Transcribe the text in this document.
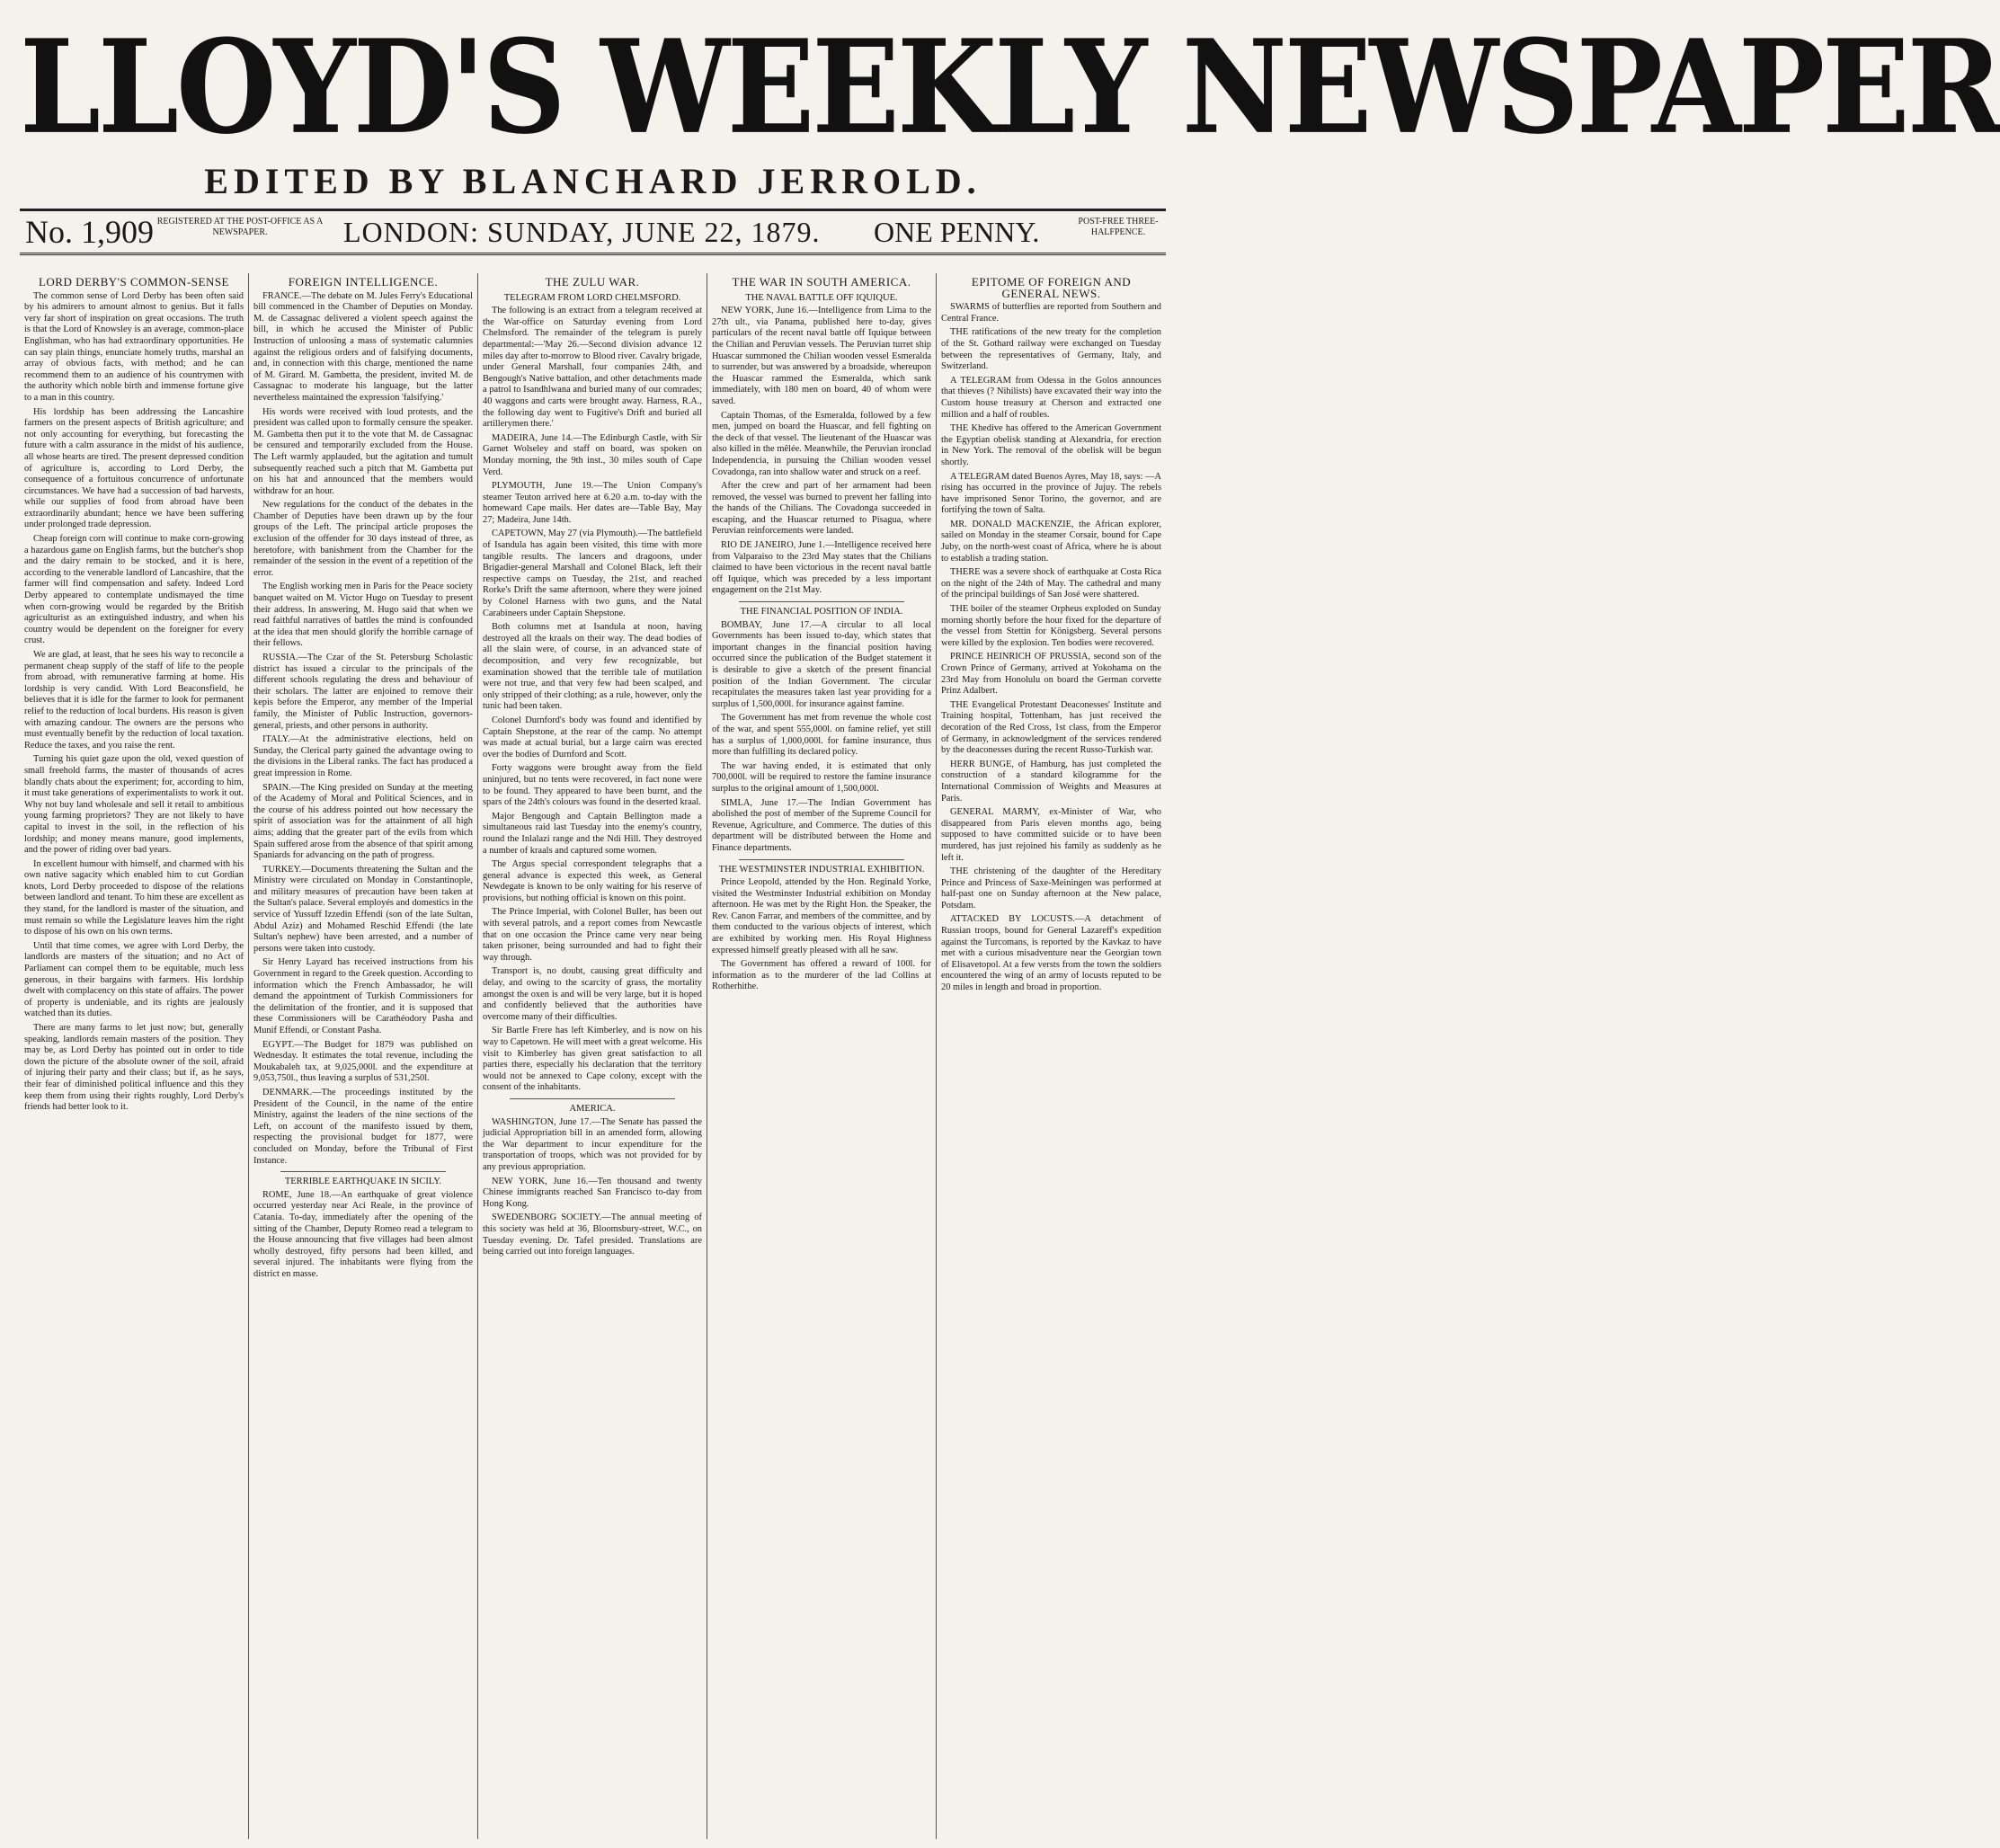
LLOYD'S WEEKLY NEWSPAPER
EDITED BY BLANCHARD JERROLD.
No. 1,909 REGISTERED AT THE POST-OFFICE AS A NEWSPAPER.	LONDON: SUNDAY, JUNE 22, 1879. ONE PENNY.	POST-FREE THREE-HALFPENCE.
LORD DERBY'S COMMON-SENSE

The common sense of Lord Derby has been often said by his admirers to amount almost to genius. But it falls very far short of inspiration on great occasions. The truth is that the Lord of Knowsley is an average, common-place Englishman, who has had extraordinary opportunities. He can say plain things, enunciate homely truths, marshal an array of obvious facts, with method; and he can recommend them to an audience of his countrymen with the authority which noble birth and immense fortune give to a man in this country.

His lordship has been addressing the Lancashire farmers on the present aspects of British agriculture; and not only accounting for everything, but forecasting the future with a calm assurance in the midst of his audience, all whose hearts are tired. The present depressed condition of agriculture is, according to Lord Derby, the consequence of a fortuitous concurrence of unfortunate circumstances. We have had a succession of bad harvests, while our supplies of food from abroad have been extraordinarily abundant; hence we have been suffering under prolonged trade depression.

Cheap foreign corn will continue to make corn-growing a hazardous game on English farms, but the butcher's shop and the dairy remain to be stocked, and it is here, according to the venerable landlord of Lancashire, that the farmer will find compensation and safety. Indeed Lord Derby appeared to contemplate undismayed the time when corn-growing would be regarded by the British agriculturist as an extinguished industry, and when his country would be dependent on the foreigner for every crust.

We are glad, at least, that he sees his way to reconcile a permanent cheap supply of the staff of life to the people from abroad, with remunerative farming at home. His lordship is very candid. With Lord Beaconsfield, he believes that it is idle for the farmer to look for permanent relief to the reduction of local burdens. His reason is given with amazing candour. The owners are the persons who must eventually benefit by the reduction of local taxation. Reduce the taxes, and you raise the rent.

Turning his quiet gaze upon the old, vexed question of small freehold farms, the master of thousands of acres blandly chats about the experiment; for, according to him, it must take generations of experimentalists to work it out. Why not buy land wholesale and sell it retail to ambitious young farming proprietors? They are not likely to have capital to invest in the soil, in the reflection of his lordship; and money means manure, good implements, and the power of riding over bad years.

In excellent humour with himself, and charmed with his own native sagacity which enabled him to cut Gordian knots, Lord Derby proceeded to dispose of the relations between landlord and tenant. To him these are excellent as they stand, for the landlord is master of the situation, and must remain so while the Legislature leaves him the right to dispose of his own on his own terms.

Until that time comes, we agree with Lord Derby, the landlords are masters of the situation; and no Act of Parliament can compel them to be equitable, much less generous, in their bargains with farmers. His lordship dwelt with complacency on this state of affairs. The power of property is undeniable, and its rights are jealously watched than its duties.

There are many farms to let just now; but, generally speaking, landlords remain masters of the position. They may be, as Lord Derby has pointed out in order to tide down the picture of the absolute owner of the soil, afraid of injuring their party and their class; but if, as he says, their fear of diminished political influence and this they keep them from using their rights roughly, Lord Derby's friends had better look to it.

FOREIGN INTELLIGENCE.

FRANCE.—The debate on M. Jules Ferry's Educational bill commenced in the Chamber of Deputies on Monday. M. de Cassagnac delivered a violent speech against the bill, in which he accused the Minister of Public Instruction of unloosing a mass of systematic calumnies against the religious orders and of falsifying documents, and, in connection with this charge, mentioned the name of M. Girard. M. Gambetta, the president, invited M. de Cassagnac to moderate his language, but the latter nevertheless maintained the expression 'falsifying.'

His words were received with loud protests, and the president was called upon to formally censure the speaker. M. Gambetta then put it to the vote that M. de Cassagnac be censured and temporarily excluded from the House. The Left warmly applauded, but the agitation and tumult subsequently reached such a pitch that M. Gambetta put on his hat and announced that the members would withdraw for an hour.

New regulations for the conduct of the debates in the Chamber of Deputies have been drawn up by the four groups of the Left. The principal article proposes the exclusion of the offender for 30 days instead of three, as heretofore, with banishment from the Chamber for the remainder of the session in the event of a repetition of the error.

The English working men in Paris for the Peace society banquet waited on M. Victor Hugo on Tuesday to present their address. In answering, M. Hugo said that when we read faithful narratives of battles the mind is confounded at the idea that men should glorify the horrible carnage of their fellows.

RUSSIA.—The Czar of the St. Petersburg Scholastic district has issued a circular to the principals of the different schools regulating the dress and behaviour of their scholars. The latter are enjoined to remove their kepis before the Emperor, any member of the Imperial family, the Minister of Public Instruction, governors-general, priests, and other persons in authority.

ITALY.—At the administrative elections, held on Sunday, the Clerical party gained the advantage owing to the divisions in the Liberal ranks. The fact has produced a great impression in Rome.

SPAIN.—The King presided on Sunday at the meeting of the Academy of Moral and Political Sciences, and in the course of his address pointed out how necessary the spirit of association was for the attainment of all high aims; adding that the greater part of the evils from which Spain suffered arose from the absence of that spirit among Spaniards for advancing on the path of progress.

TURKEY.—Documents threatening the Sultan and the Ministry were circulated on Monday in Constantinople, and military measures of precaution have been taken at the Sultan's palace. Several employés and domestics in the service of Yussuff Izzedin Effendi (son of the late Sultan, Abdul Aziz) and Mohamed Reschid Effendi (the late Sultan's nephew) have been arrested, and a number of persons were taken into custody.

Sir Henry Layard has received instructions from his Government in regard to the Greek question. According to information which the French Ambassador, he will demand the appointment of Turkish Commissioners for the delimitation of the frontier, and it is supposed that these Commissioners will be Carathéodory Pasha and Munif Effendi, or Constant Pasha.

EGYPT.—The Budget for 1879 was published on Wednesday. It estimates the total revenue, including the Moukabaleh tax, at 9,025,000l. and the expenditure at 9,053,750l., thus leaving a surplus of 531,250l.

DENMARK.—The proceedings instituted by the President of the Council, in the name of the entire Ministry, against the leaders of the nine sections of the Left, on account of the manifesto issued by them, respecting the provisional budget for 1877, were concluded on Monday, before the Tribunal of First Instance.

TERRIBLE EARTHQUAKE IN SICILY.

ROME, June 18.—An earthquake of great violence occurred yesterday near Aci Reale, in the province of Catania. To-day, immediately after the opening of the sitting of the Chamber, Deputy Romeo read a telegram to the House announcing that five villages had been almost wholly destroyed, fifty persons had been killed, and several injured. The inhabitants were flying from the district en masse.

THE ZULU WAR.
TELEGRAM FROM LORD CHELMSFORD.

The following is an extract from a telegram received at the War-office on Saturday evening from Lord Chelmsford. The remainder of the telegram is purely departmental:—'May 26.—Second division advance 12 miles day after to-morrow to Blood river. Cavalry brigade, under General Marshall, four companies 24th, and Bengough's Native battalion, and other detachments made a patrol to Isandhlwana and buried many of our comrades; 40 waggons and carts were brought away. Harness, R.A., the following day went to Fugitive's Drift and buried all artillerymen there.'

MADEIRA, June 14.—The Edinburgh Castle, with Sir Garnet Wolseley and staff on board, was spoken on Monday morning, the 9th inst., 30 miles south of Cape Verd.

PLYMOUTH, June 19.—The Union Company's steamer Teuton arrived here at 6.20 a.m. to-day with the homeward Cape mails. Her dates are—Table Bay, May 27; Madeira, June 14th.

CAPETOWN, May 27 (via Plymouth).—The battlefield of Isandula has again been visited, this time with more tangible results. The lancers and dragoons, under Brigadier-general Marshall and Colonel Black, left their respective camps on Tuesday, the 21st, and reached Rorke's Drift the same afternoon, where they were joined by Colonel Harness with two guns, and the Natal Carabineers under Captain Shepstone.

Both columns met at Isandula at noon, having destroyed all the kraals on their way. The dead bodies of all the slain were, of course, in an advanced state of decomposition, and very few recognizable, but examination showed that the terrible tale of mutilation were not true, and that very few had been scalped, and only stripped of their clothing; as a rule, however, only the tunic had been taken.

Colonel Durnford's body was found and identified by Captain Shepstone, at the rear of the camp. No attempt was made at actual burial, but a large cairn was erected over the bodies of Durnford and Scott.

Forty waggons were brought away from the field uninjured, but no tents were recovered, in fact none were to be found. They appeared to have been burnt, and the spars of the 24th's colours was found in the deserted kraal.

Major Bengough and Captain Bellington made a simultaneous raid last Tuesday into the enemy's country, round the Inlalazi range and the Ndi Hill. They destroyed a number of kraals and captured some women.

The Argus special correspondent telegraphs that a general advance is expected this week, as General Newdegate is known to be only waiting for his reserve of provisions, but nothing official is known on this point.

The Prince Imperial, with Colonel Buller, has been out with several patrols, and a report comes from Newcastle that on one occasion the Prince came very near being taken prisoner, being surrounded and had to fight their way through.

Transport is, no doubt, causing great difficulty and delay, and owing to the scarcity of grass, the mortality amongst the oxen is and will be very large, but it is hoped and confidently believed that the authorities have overcome many of their difficulties.

Sir Bartle Frere has left Kimberley, and is now on his way to Capetown. He will meet with a great welcome. His visit to Kimberley has given great satisfaction to all parties there, especially his declaration that the territory would not be annexed to Cape colony, except with the consent of the inhabitants.

AMERICA.

WASHINGTON, June 17.—The Senate has passed the judicial Appropriation bill in an amended form, allowing the War department to incur expenditure for the transportation of troops, which was not provided for by any previous appropriation.

NEW YORK, June 16.—Ten thousand and twenty Chinese immigrants reached San Francisco to-day from Hong Kong.

SWEDENBORG SOCIETY.—The annual meeting of this society was held at 36, Bloomsbury-street, W.C., on Tuesday evening. Dr. Tafel presided. Translations are being carried out into foreign languages.

THE WAR IN SOUTH AMERICA.
THE NAVAL BATTLE OFF IQUIQUE.

NEW YORK, June 16.—Intelligence from Lima to the 27th ult., via Panama, published here to-day, gives particulars of the recent naval battle off Iquique between the Chilian and Peruvian vessels. The Peruvian turret ship Huascar summoned the Chilian wooden vessel Esmeralda to surrender, but was answered by a broadside, whereupon the Huascar rammed the Esmeralda, which sank immediately, with 180 men on board, 40 of whom were saved.

Captain Thomas, of the Esmeralda, followed by a few men, jumped on board the Huascar, and fell fighting on the deck of that vessel. The lieutenant of the Huascar was also killed in the mêlée. Meanwhile, the Peruvian ironclad Independencia, in pursuing the Chilian wooden vessel Covadonga, ran into shallow water and struck on a reef.

After the crew and part of her armament had been removed, the vessel was burned to prevent her falling into the hands of the Chilians. The Covadonga succeeded in escaping, and the Huascar returned to Pisagua, where Peruvian reinforcements were landed.

RIO DE JANEIRO, June 1.—Intelligence received here from Valparaiso to the 23rd May states that the Chilians claimed to have been victorious in the recent naval battle off Iquique, which was preceded by a less important engagement on the 21st May.

THE FINANCIAL POSITION OF INDIA.

BOMBAY, June 17.—A circular to all local Governments has been issued to-day, which states that important changes in the financial position having occurred since the publication of the Budget statement it is desirable to give a sketch of the present financial position of the Indian Government. The circular recapitulates the measures taken last year providing for a surplus of 1,500,000l. for insurance against famine.

The Government has met from revenue the whole cost of the war, and spent 555,000l. on famine relief, yet still has a surplus of 1,000,000l. for famine insurance, thus more than fulfilling its declared policy.

The war having ended, it is estimated that only 700,000l. will be required to restore the famine insurance surplus to the original amount of 1,500,000l.

SIMLA, June 17.—The Indian Government has abolished the post of member of the Supreme Council for Revenue, Agriculture, and Commerce. The duties of this department will be distributed between the Home and Finance departments.

THE WESTMINSTER INDUSTRIAL EXHIBITION.

Prince Leopold, attended by the Hon. Reginald Yorke, visited the Westminster Industrial exhibition on Monday afternoon. He was met by the Right Hon. the Speaker, the Rev. Canon Farrar, and members of the committee, and by them conducted to the various objects of interest, which are exhibited by working men. His Royal Highness expressed himself greatly pleased with all he saw.

The Government has offered a reward of 100l. for information as to the murderer of the lad Collins at Rotherhithe.

EPITOME OF FOREIGN AND GENERAL NEWS.

SWARMS of butterflies are reported from Southern and Central France.

THE ratifications of the new treaty for the completion of the St. Gothard railway were exchanged on Tuesday between the representatives of Germany, Italy, and Switzerland.

A TELEGRAM from Odessa in the Golos announces that thieves (? Nihilists) have excavated their way into the Custom house treasury at Cherson and extracted one million and a half of roubles.

THE Khedive has offered to the American Government the Egyptian obelisk standing at Alexandria, for erection in New York. The removal of the obelisk will be begun shortly.

A TELEGRAM dated Buenos Ayres, May 18, says: —A rising has occurred in the province of Jujuy. The rebels have imprisoned Senor Torino, the governor, and are fortifying the town of Salta.

MR. DONALD MACKENZIE, the African explorer, sailed on Monday in the steamer Corsair, bound for Cape Juby, on the north-west coast of Africa, where he is about to establish a trading station.

THERE was a severe shock of earthquake at Costa Rica on the night of the 24th of May. The cathedral and many of the principal buildings of San José were shattered.

THE boiler of the steamer Orpheus exploded on Sunday morning shortly before the hour fixed for the departure of the vessel from Stettin for Königsberg. Several persons were killed by the explosion. Ten bodies were recovered.

PRINCE HEINRICH OF PRUSSIA, second son of the Crown Prince of Germany, arrived at Yokohama on the 23rd May from Honolulu on board the German corvette Prinz Adalbert.

THE Evangelical Protestant Deaconesses' Institute and Training hospital, Tottenham, has just received the decoration of the Red Cross, 1st class, from the Emperor of Germany, in acknowledgment of the services rendered by the deaconesses during the recent Russo-Turkish war.

HERR BUNGE, of Hamburg, has just completed the construction of a standard kilogramme for the International Commission of Weights and Measures at Paris.

GENERAL MARMY, ex-Minister of War, who disappeared from Paris eleven months ago, being supposed to have committed suicide or to have been murdered, has just rejoined his family as suddenly as he left it.

THE christening of the daughter of the Hereditary Prince and Princess of Saxe-Meiningen was performed at half-past one on Sunday afternoon at the New palace, Potsdam.

ATTACKED BY LOCUSTS.—A detachment of Russian troops, bound for General Lazareff's expedition against the Turcomans, is reported by the Kavkaz to have met with a curious misadventure near the Georgian town of Elisavetopol. At a few versts from the town the soldiers encountered the wing of an army of locusts reputed to be 20 miles in length and broad in proportion.
